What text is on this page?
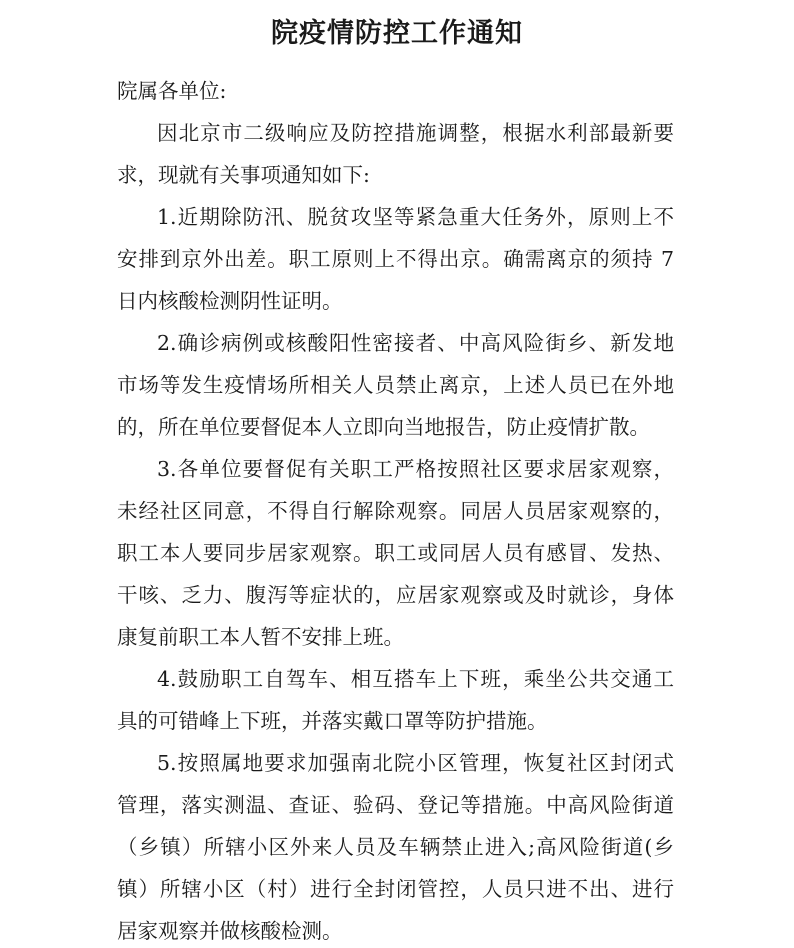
院疫情防控工作通知
院属各单位:
因北京市二级响应及防控措施调整，根据水利部最新要
求，现就有关事项通知如下:
1.近期除防汛、脱贫攻坚等紧急重大任务外，原则上不
安排到京外出差。职工原则上不得出京。确需离京的须持 7
日内核酸检测阴性证明。
2.确诊病例或核酸阳性密接者、中高风险街乡、新发地
市场等发生疫情场所相关人员禁止离京，上述人员已在外地
的，所在单位要督促本人立即向当地报告，防止疫情扩散。
3.各单位要督促有关职工严格按照社区要求居家观察，
未经社区同意，不得自行解除观察。同居人员居家观察的，
职工本人要同步居家观察。职工或同居人员有感冒、发热、
干咳、乏力、腹泻等症状的，应居家观察或及时就诊，身体
康复前职工本人暂不安排上班。
4.鼓励职工自驾车、相互搭车上下班，乘坐公共交通工
具的可错峰上下班，并落实戴口罩等防护措施。
5.按照属地要求加强南北院小区管理，恢复社区封闭式
管理，落实测温、查证、验码、登记等措施。中高风险街道
（乡镇）所辖小区外来人员及车辆禁止进入;高风险街道(乡
镇）所辖小区（村）进行全封闭管控，人员只进不出、进行
居家观察并做核酸检测。
